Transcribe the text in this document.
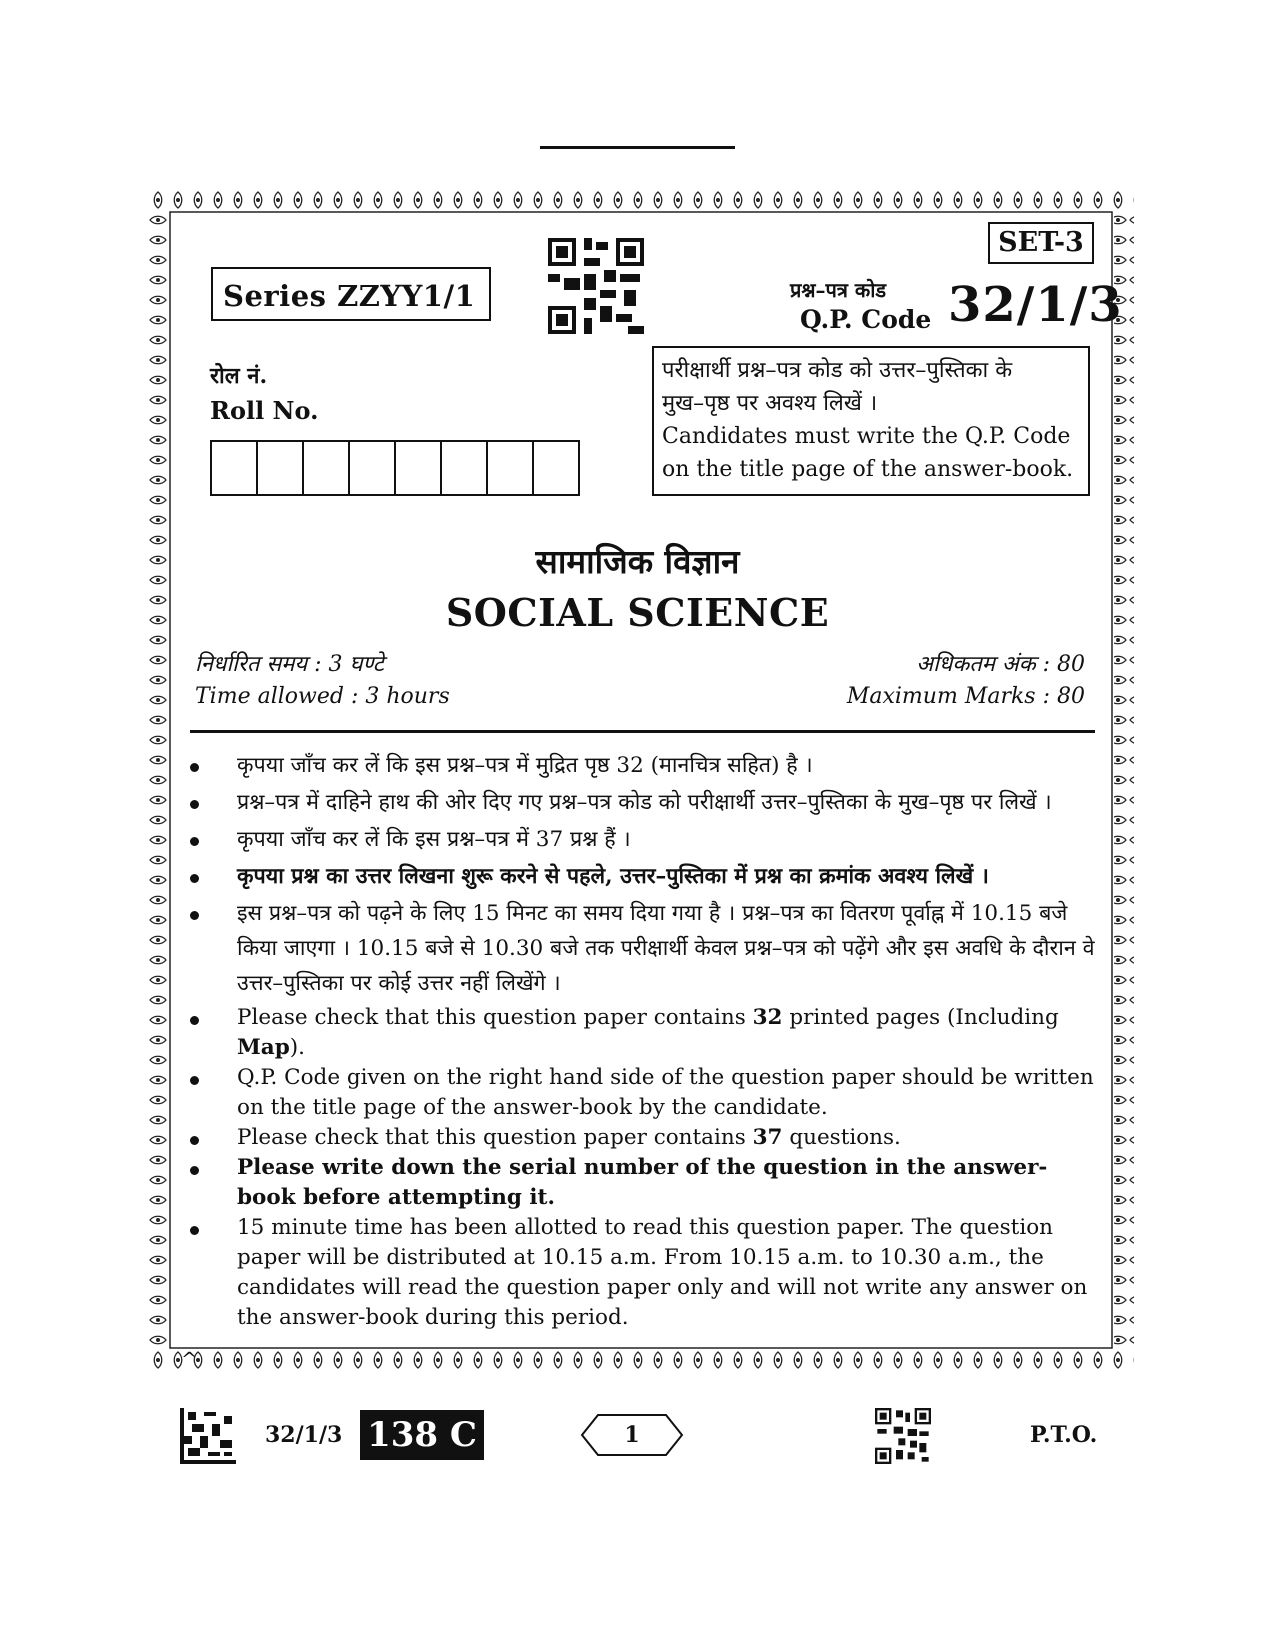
SET-3
Series ZZYY1/1	प्रश्न–पत्र कोड
Q.P. Code 32/1/3
रोल नं.
Roll No.
परीक्षार्थी प्रश्न–पत्र कोड को उत्तर–पुस्तिका के
मुख–पृष्ठ पर अवश्य लिखें ।
Candidates must write the Q.P. Code
on the title page of the answer-book.
सामाजिक विज्ञान
SOCIAL SCIENCE
निर्धारित समय : 3 घण्टे	अधिकतम अंक : 80
Time allowed : 3 hours	Maximum Marks : 80
कृपया जाँच कर लें कि इस प्रश्न–पत्र में मुद्रित पृष्ठ 32 (मानचित्र सहित) है ।
प्रश्न–पत्र में दाहिने हाथ की ओर दिए गए प्रश्न–पत्र कोड को परीक्षार्थी उत्तर–पुस्तिका के मुख–पृष्ठ पर लिखें ।
कृपया जाँच कर लें कि इस प्रश्न–पत्र में 37 प्रश्न हैं ।
कृपया प्रश्न का उत्तर लिखना शुरू करने से पहले, उत्तर–पुस्तिका में प्रश्न का क्रमांक अवश्य लिखें ।
इस प्रश्न–पत्र को पढ़ने के लिए 15 मिनट का समय दिया गया है । प्रश्न–पत्र का वितरण पूर्वाह्न में 10.15 बजे किया जाएगा । 10.15 बजे से 10.30 बजे तक परीक्षार्थी केवल प्रश्न–पत्र को पढ़ेंगे और इस अवधि के दौरान वे उत्तर–पुस्तिका पर कोई उत्तर नहीं लिखेंगे ।
Please check that this question paper contains 32 printed pages (Including Map).
Q.P. Code given on the right hand side of the question paper should be written on the title page of the answer-book by the candidate.
Please check that this question paper contains 37 questions.
Please write down the serial number of the question in the answer-book before attempting it.
15 minute time has been allotted to read this question paper. The question paper will be distributed at 10.15 a.m. From 10.15 a.m. to 10.30 a.m., the candidates will read the question paper only and will not write any answer on the answer-book during this period.
^
32/1/3 138 C	1	P.T.O.
